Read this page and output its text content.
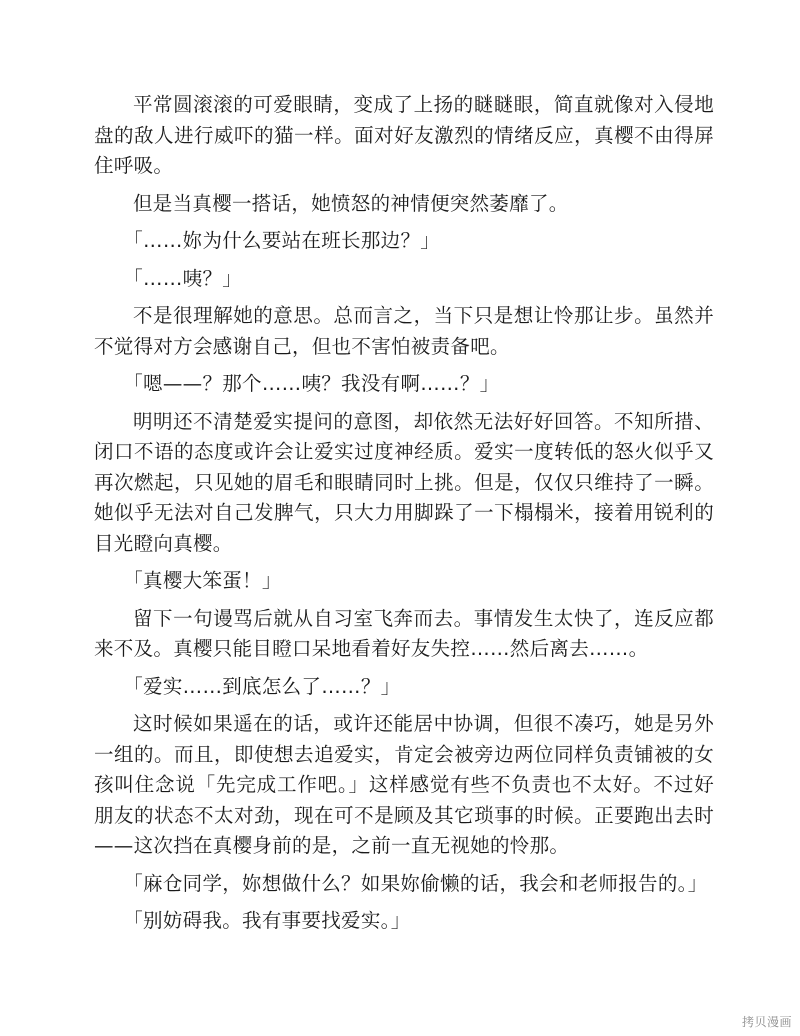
平常圆滚滚的可爱眼睛，变成了上扬的瞇瞇眼，简直就像对入侵地盘的敌人进行威吓的猫一样。面对好友激烈的情绪反应，真樱不由得屏住呼吸。

但是当真樱一搭话，她愤怒的神情便突然萎靡了。

「……妳为什么要站在班长那边？」

「……咦？」

不是很理解她的意思。总而言之，当下只是想让怜那让步。虽然并不觉得对方会感谢自己，但也不害怕被责备吧。

「嗯——？那个……咦？我没有啊……？」

明明还不清楚爱实提问的意图，却依然无法好好回答。不知所措、闭口不语的态度或许会让爱实过度神经质。爱实一度转低的怒火似乎又再次燃起，只见她的眉毛和眼睛同时上挑。但是，仅仅只维持了一瞬。她似乎无法对自己发脾气，只大力用脚跺了一下榻榻米，接着用锐利的目光瞪向真樱。

「真樱大笨蛋！」

留下一句谩骂后就从自习室飞奔而去。事情发生太快了，连反应都来不及。真樱只能目瞪口呆地看着好友失控……然后离去……。

「爱实……到底怎么了……？」

这时候如果遥在的话，或许还能居中协调，但很不凑巧，她是另外一组的。而且，即使想去追爱实，肯定会被旁边两位同样负责铺被的女孩叫住念说「先完成工作吧。」这样感觉有些不负责也不太好。不过好朋友的状态不太对劲，现在可不是顾及其它琐事的时候。正要跑出去时——这次挡在真樱身前的是，之前一直无视她的怜那。

「麻仓同学，妳想做什么？如果妳偷懒的话，我会和老师报告的。」

「别妨碍我。我有事要找爱实。」

拷贝漫画
